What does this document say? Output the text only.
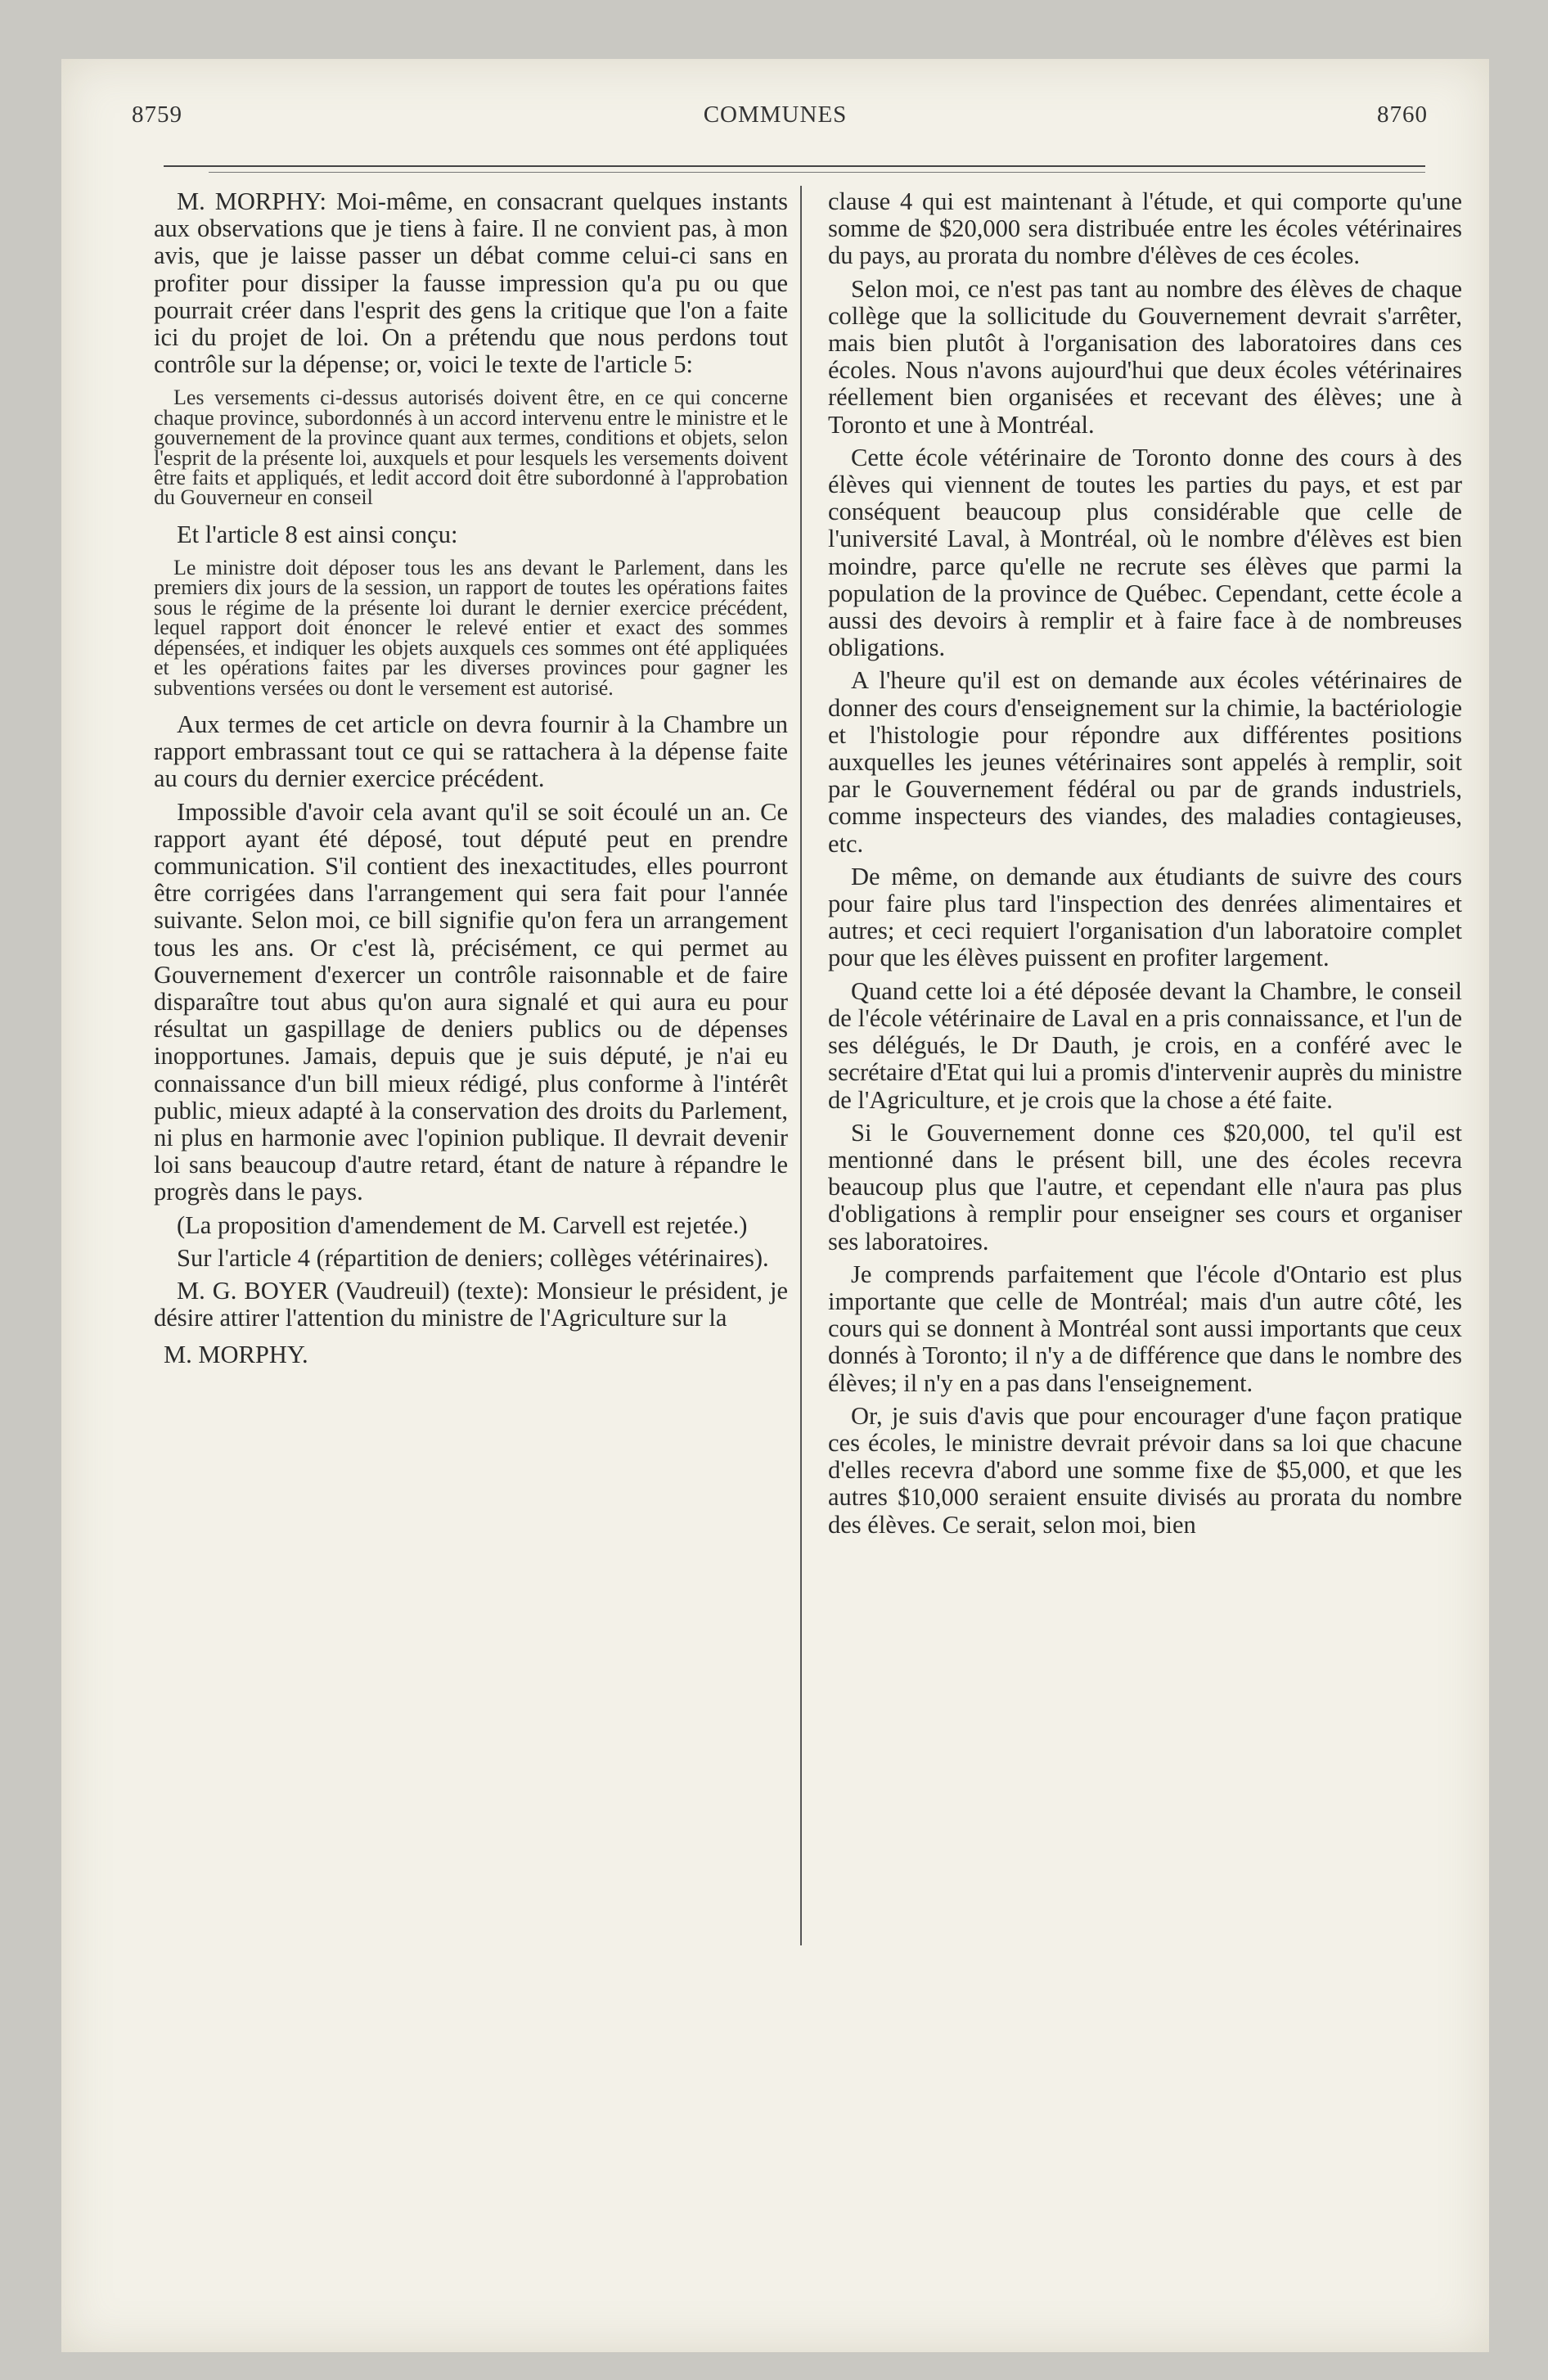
8759	COMMUNES	8760

M. MORPHY: Moi-même, en consacrant quelques instants aux observations que je tiens à faire. Il ne convient pas, à mon avis, que je laisse passer un débat comme celui-ci sans en profiter pour dissiper la fausse impression qu'a pu ou que pourrait créer dans l'esprit des gens la critique que l'on a faite ici du projet de loi. On a prétendu que nous perdons tout contrôle sur la dépense; or, voici le texte de l'article 5:

Les versements ci-dessus autorisés doivent être, en ce qui concerne chaque province, subordonnés à un accord intervenu entre le ministre et le gouvernement de la province quant aux termes, conditions et objets, selon l'esprit de la présente loi, auxquels et pour lesquels les versements doivent être faits et appliqués, et ledit accord doit être subordonné à l'approbation du Gouverneur en conseil

Et l'article 8 est ainsi conçu:

Le ministre doit déposer tous les ans devant le Parlement, dans les premiers dix jours de la session, un rapport de toutes les opérations faites sous le régime de la présente loi durant le dernier exercice précédent, lequel rapport doit énoncer le relevé entier et exact des sommes dépensées, et indiquer les objets auxquels ces sommes ont été appliquées et les opérations faites par les diverses provinces pour gagner les subventions versées ou dont le versement est autorisé.

Aux termes de cet article on devra fournir à la Chambre un rapport embrassant tout ce qui se rattachera à la dépense faite au cours du dernier exercice précédent.

Impossible d'avoir cela avant qu'il se soit écoulé un an. Ce rapport ayant été déposé, tout député peut en prendre communication. S'il contient des inexactitudes, elles pourront être corrigées dans l'arrangement qui sera fait pour l'année suivante. Selon moi, ce bill signifie qu'on fera un arrangement tous les ans. Or c'est là, précisément, ce qui permet au Gouvernement d'exercer un contrôle raisonnable et de faire disparaître tout abus qu'on aura signalé et qui aura eu pour résultat un gaspillage de deniers publics ou de dépenses inopportunes. Jamais, depuis que je suis député, je n'ai eu connaissance d'un bill mieux rédigé, plus conforme à l'intérêt public, mieux adapté à la conservation des droits du Parlement, ni plus en harmonie avec l'opinion publique. Il devrait devenir loi sans beaucoup d'autre retard, étant de nature à répandre le progrès dans le pays.

(La proposition d'amendement de M. Carvell est rejetée.)

Sur l'article 4 (répartition de deniers; collèges vétérinaires).

M. G. BOYER (Vaudreuil) (texte): Monsieur le président, je désire attirer l'attention du ministre de l'Agriculture sur la

M. MORPHY.

clause 4 qui est maintenant à l'étude, et qui comporte qu'une somme de $20,000 sera distribuée entre les écoles vétérinaires du pays, au prorata du nombre d'élèves de ces écoles.

Selon moi, ce n'est pas tant au nombre des élèves de chaque collège que la sollicitude du Gouvernement devrait s'arrêter, mais bien plutôt à l'organisation des laboratoires dans ces écoles. Nous n'avons aujourd'hui que deux écoles vétérinaires réellement bien organisées et recevant des élèves; une à Toronto et une à Montréal.

Cette école vétérinaire de Toronto donne des cours à des élèves qui viennent de toutes les parties du pays, et est par conséquent beaucoup plus considérable que celle de l'université Laval, à Montréal, où le nombre d'élèves est bien moindre, parce qu'elle ne recrute ses élèves que parmi la population de la province de Québec. Cependant, cette école a aussi des devoirs à remplir et à faire face à de nombreuses obligations.

A l'heure qu'il est on demande aux écoles vétérinaires de donner des cours d'enseignement sur la chimie, la bactériologie et l'histologie pour répondre aux différentes positions auxquelles les jeunes vétérinaires sont appelés à remplir, soit par le Gouvernement fédéral ou par de grands industriels, comme inspecteurs des viandes, des maladies contagieuses, etc.

De même, on demande aux étudiants de suivre des cours pour faire plus tard l'inspection des denrées alimentaires et autres; et ceci requiert l'organisation d'un laboratoire complet pour que les élèves puissent en profiter largement.

Quand cette loi a été déposée devant la Chambre, le conseil de l'école vétérinaire de Laval en a pris connaissance, et l'un de ses délégués, le Dr Dauth, je crois, en a conféré avec le secrétaire d'Etat qui lui a promis d'intervenir auprès du ministre de l'Agriculture, et je crois que la chose a été faite.

Si le Gouvernement donne ces $20,000, tel qu'il est mentionné dans le présent bill, une des écoles recevra beaucoup plus que l'autre, et cependant elle n'aura pas plus d'obligations à remplir pour enseigner ses cours et organiser ses laboratoires.

Je comprends parfaitement que l'école d'Ontario est plus importante que celle de Montréal; mais d'un autre côté, les cours qui se donnent à Montréal sont aussi importants que ceux donnés à Toronto; il n'y a de différence que dans le nombre des élèves; il n'y en a pas dans l'enseignement.

Or, je suis d'avis que pour encourager d'une façon pratique ces écoles, le ministre devrait prévoir dans sa loi que chacune d'elles recevra d'abord une somme fixe de $5,000, et que les autres $10,000 seraient ensuite divisés au prorata du nombre des élèves. Ce serait, selon moi, bien
